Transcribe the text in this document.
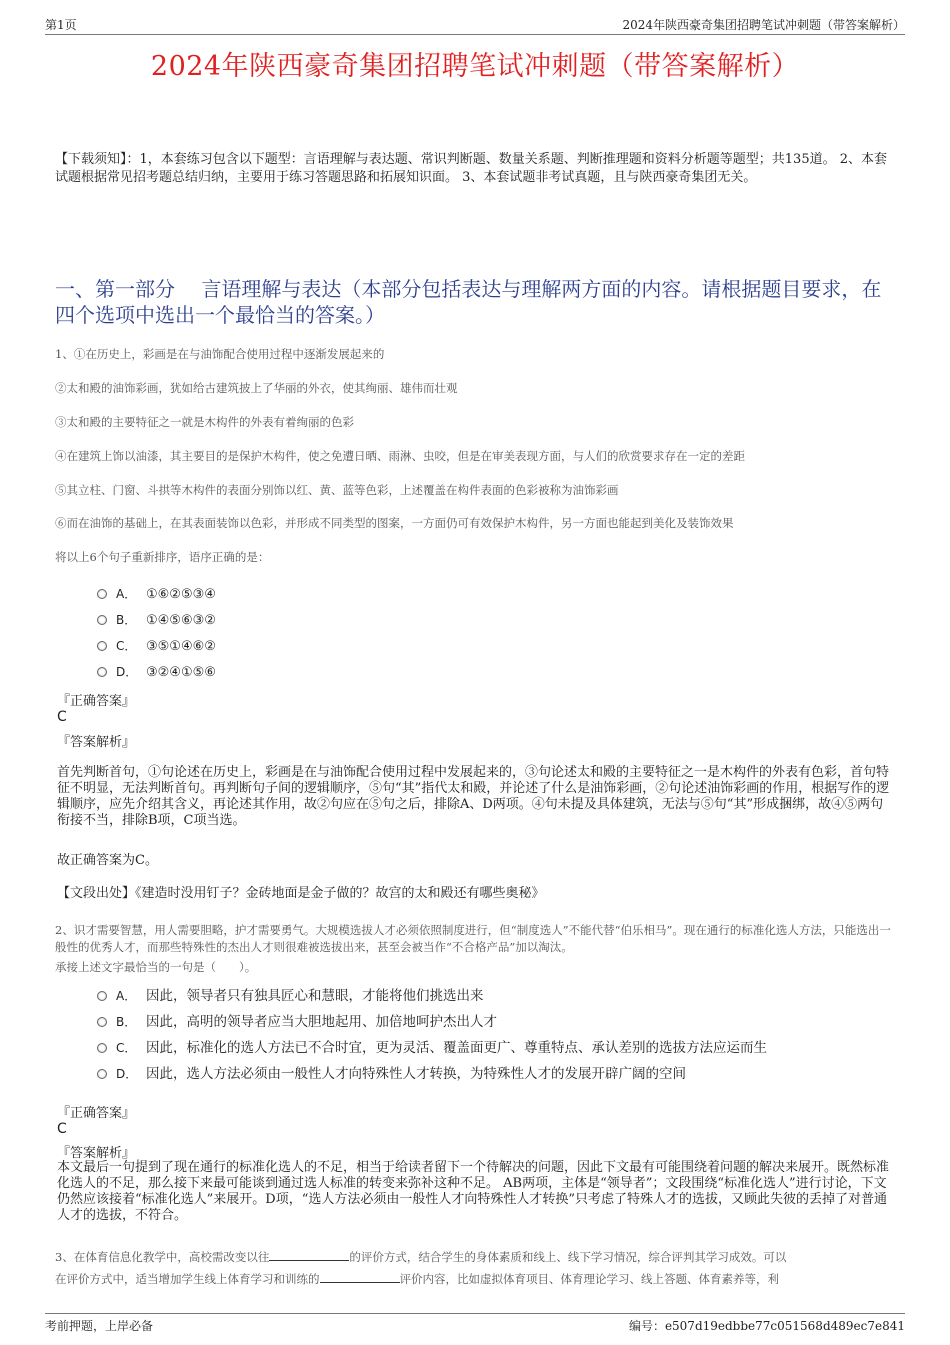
第1页	2024年陕西豪奇集团招聘笔试冲刺题（带答案解析）
2024年陕西豪奇集团招聘笔试冲刺题（带答案解析）
【下载须知】：1，本套练习包含以下题型：言语理解与表达题、常识判断题、数量关系题、判断推理题和资料分析题等题型；共135道。 2、本套试题根据常见招考题总结归纳，主要用于练习答题思路和拓展知识面。 3、本套试题非考试真题，且与陕西豪奇集团无关。
一、第一部分　 言语理解与表达（本部分包括表达与理解两方面的内容。请根据题目要求，在四个选项中选出一个最恰当的答案。）
1、①在历史上，彩画是在与油饰配合使用过程中逐渐发展起来的
②太和殿的油饰彩画，犹如给古建筑披上了华丽的外衣，使其绚丽、雄伟而壮观
③太和殿的主要特征之一就是木构件的外表有着绚丽的色彩
④在建筑上饰以油漆，其主要目的是保护木构件，使之免遭日晒、雨淋、虫咬，但是在审美表现方面，与人们的欣赏要求存在一定的差距
⑤其立柱、门窗、斗拱等木构件的表面分别饰以红、黄、蓝等色彩，上述覆盖在构件表面的色彩被称为油饰彩画
⑥而在油饰的基础上，在其表面装饰以色彩，并形成不同类型的图案，一方面仍可有效保护木构件，另一方面也能起到美化及装饰效果
将以上6个句子重新排序，语序正确的是：
A． ①⑥②⑤③④
B． ①④⑤⑥③②
C． ③⑤①④⑥②
D． ③②④①⑤⑥
『正确答案』
C
『答案解析』
首先判断首句，①句论述在历史上，彩画是在与油饰配合使用过程中发展起来的，③句论述太和殿的主要特征之一是木构件的外表有色彩，首句特征不明显，无法判断首句。再判断句子间的逻辑顺序，⑤句“其”指代太和殿，并论述了什么是油饰彩画，②句论述油饰彩画的作用，根据写作的逻辑顺序，应先介绍其含义，再论述其作用，故②句应在⑤句之后，排除A、D两项。④句未提及具体建筑，无法与⑤句“其”形成捆绑，故④⑤两句衔接不当，排除B项，C项当选。
故正确答案为C。
【文段出处】《建造时没用钉子？金砖地面是金子做的？故宫的太和殿还有哪些奥秘》
2、识才需要智慧，用人需要胆略，护才需要勇气。大规模选拔人才必须依照制度进行，但“制度选人”不能代替“伯乐相马”。现在通行的标准化选人方法，只能选出一般性的优秀人才，而那些特殊性的杰出人才则很难被选拔出来，甚至会被当作“不合格产品”加以淘汰。
承接上述文字最恰当的一句是（　　）。
A． 因此，领导者只有独具匠心和慧眼，才能将他们挑选出来
B． 因此，高明的领导者应当大胆地起用、加倍地呵护杰出人才
C． 因此，标准化的选人方法已不合时宜，更为灵活、覆盖面更广、尊重特点、承认差别的选拔方法应运而生
D． 因此，选人方法必须由一般性人才向特殊性人才转换，为特殊性人才的发展开辟广阔的空间
『正确答案』
C
『答案解析』
本文最后一句提到了现在通行的标准化选人的不足，相当于给读者留下一个待解决的问题，因此下文最有可能围绕着问题的解决来展开。既然标准化选人的不足，那么接下来最可能谈到通过选人标准的转变来弥补这种不足。 AB两项，主体是“领导者”；文段围绕“标准化选人”进行讨论，下文仍然应该接着“标准化选人”来展开。D项，“选人方法必须由一般性人才向特殊性人才转换”只考虑了特殊人才的选拔，又顾此失彼的丢掉了对普通人才的选拔，不符合。
3、在体育信息化教学中，高校需改变以往	的评价方式，结合学生的身体素质和线上、线下学习情况，综合评判其学习成效。可以
在评价方式中，适当增加学生线上体育学习和训练的	评价内容，比如虚拟体育项目、体育理论学习、线上答题、体育素养等，利
考前押题，上岸必备	编号：e507d19edbbe77c051568d489ec7e841
